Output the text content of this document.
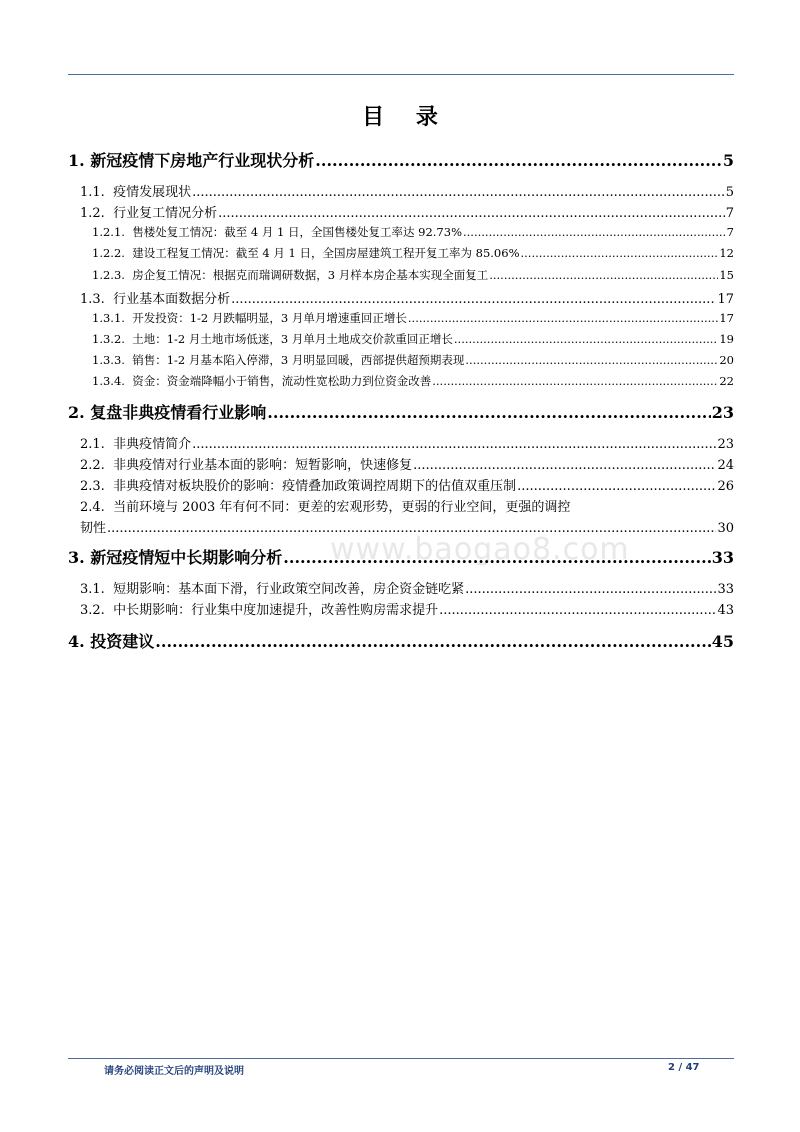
目 录
www.baogao8.com
1. 新冠疫情下房地产行业现状分析 .....	5
1.1. 疫情发展现状 .....	5
1.2. 行业复工情况分析 .....	7
1.2.1. 售楼处复工情况：截至 4 月 1 日，全国售楼处复工率达 92.73% .....	7
1.2.2. 建设工程复工情况：截至 4 月 1 日，全国房屋建筑工程开复工率为 85.06% .....	12
1.2.3. 房企复工情况：根据克而瑞调研数据，3 月样本房企基本实现全面复工 .....	15
1.3. 行业基本面数据分析 .....	17
1.3.1. 开发投资：1-2 月跌幅明显，3 月单月增速重回正增长 .....	17
1.3.2. 土地：1-2 月土地市场低迷，3 月单月土地成交价款重回正增长 .....	19
1.3.3. 销售：1-2 月基本陷入停滞，3 月明显回暖，西部提供超预期表现 .....	20
1.3.4. 资金：资金端降幅小于销售，流动性宽松助力到位资金改善 .....	22
2. 复盘非典疫情看行业影响 .....	23
2.1. 非典疫情简介 .....	23
2.2. 非典疫情对行业基本面的影响：短暂影响，快速修复 .....	24
2.3. 非典疫情对板块股价的影响：疫情叠加政策调控周期下的估值双重压制 .....	26
2.4. 当前环境与 2003 年有何不同：更差的宏观形势，更弱的行业空间，更强的调控
韧性 .....	30
3. 新冠疫情短中长期影响分析 .....	33
3.1. 短期影响：基本面下滑，行业政策空间改善，房企资金链吃紧 .....	33
3.2. 中长期影响：行业集中度加速提升，改善性购房需求提升 .....	43
4. 投资建议 .....	45
请务必阅读正文后的声明及说明	2 / 47
